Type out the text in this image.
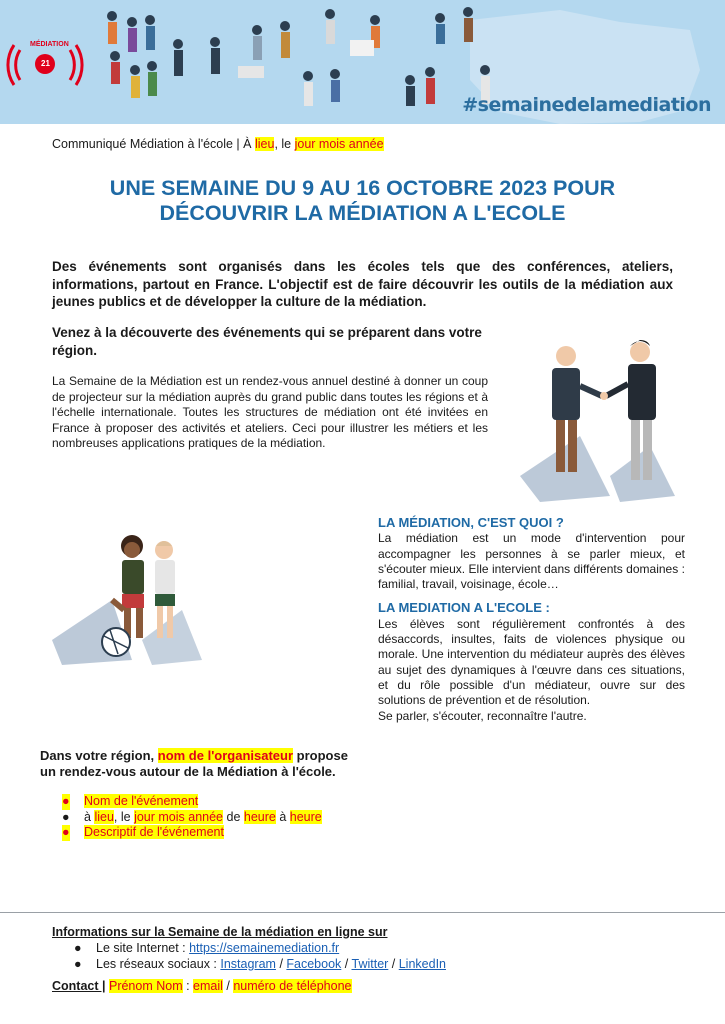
MÉDIATION
21
#semainedelamediation
Communiqué Médiation à l'école | À lieu, le jour mois année
UNE SEMAINE DU 9 AU 16 OCTOBRE 2023 POUR
DÉCOUVRIR LA MÉDIATION A L'ECOLE
Des événements sont organisés dans les écoles tels que des conférences, ateliers, informations, partout en France. L'objectif est de faire découvrir les outils de la médiation aux jeunes publics et de développer la culture de la médiation.
Venez à la découverte des événements qui se préparent dans votre région.
La Semaine de la Médiation est un rendez-vous annuel destiné à donner un coup de projecteur sur la médiation auprès du grand public dans toutes les régions et à l'échelle internationale. Toutes les structures de médiation ont été invitées en France à proposer des activités et ateliers. Ceci pour illustrer les métiers et les nombreuses applications pratiques de la médiation.
LA MÉDIATION, C'EST QUOI ?

La médiation est un mode d'intervention pour accompagner les personnes à se parler mieux, et s'écouter mieux. Elle intervient dans différents domaines : familial, travail, voisinage, école…

LA MEDIATION A L'ECOLE :

Les élèves sont régulièrement confrontés à des désaccords, insultes, faits de violences physique ou morale. Une intervention du médiateur auprès des élèves au sujet des dynamiques à l'œuvre dans ces situations, et du rôle possible d'un médiateur, ouvre sur des solutions de prévention et de résolution.

Se parler, s'écouter, reconnaître l'autre.

Dans votre région, nom de l'organisateur propose un rendez-vous autour de la Médiation à l'école.
● Nom de l'événement
● à lieu, le jour mois année de heure à heure
● Descriptif de l'événement
Informations sur la Semaine de la médiation en ligne sur
● Le site Internet : https://semainemediation.fr
● Les réseaux sociaux : Instagram / Facebook / Twitter / LinkedIn
Contact | Prénom Nom : email / numéro de téléphone
